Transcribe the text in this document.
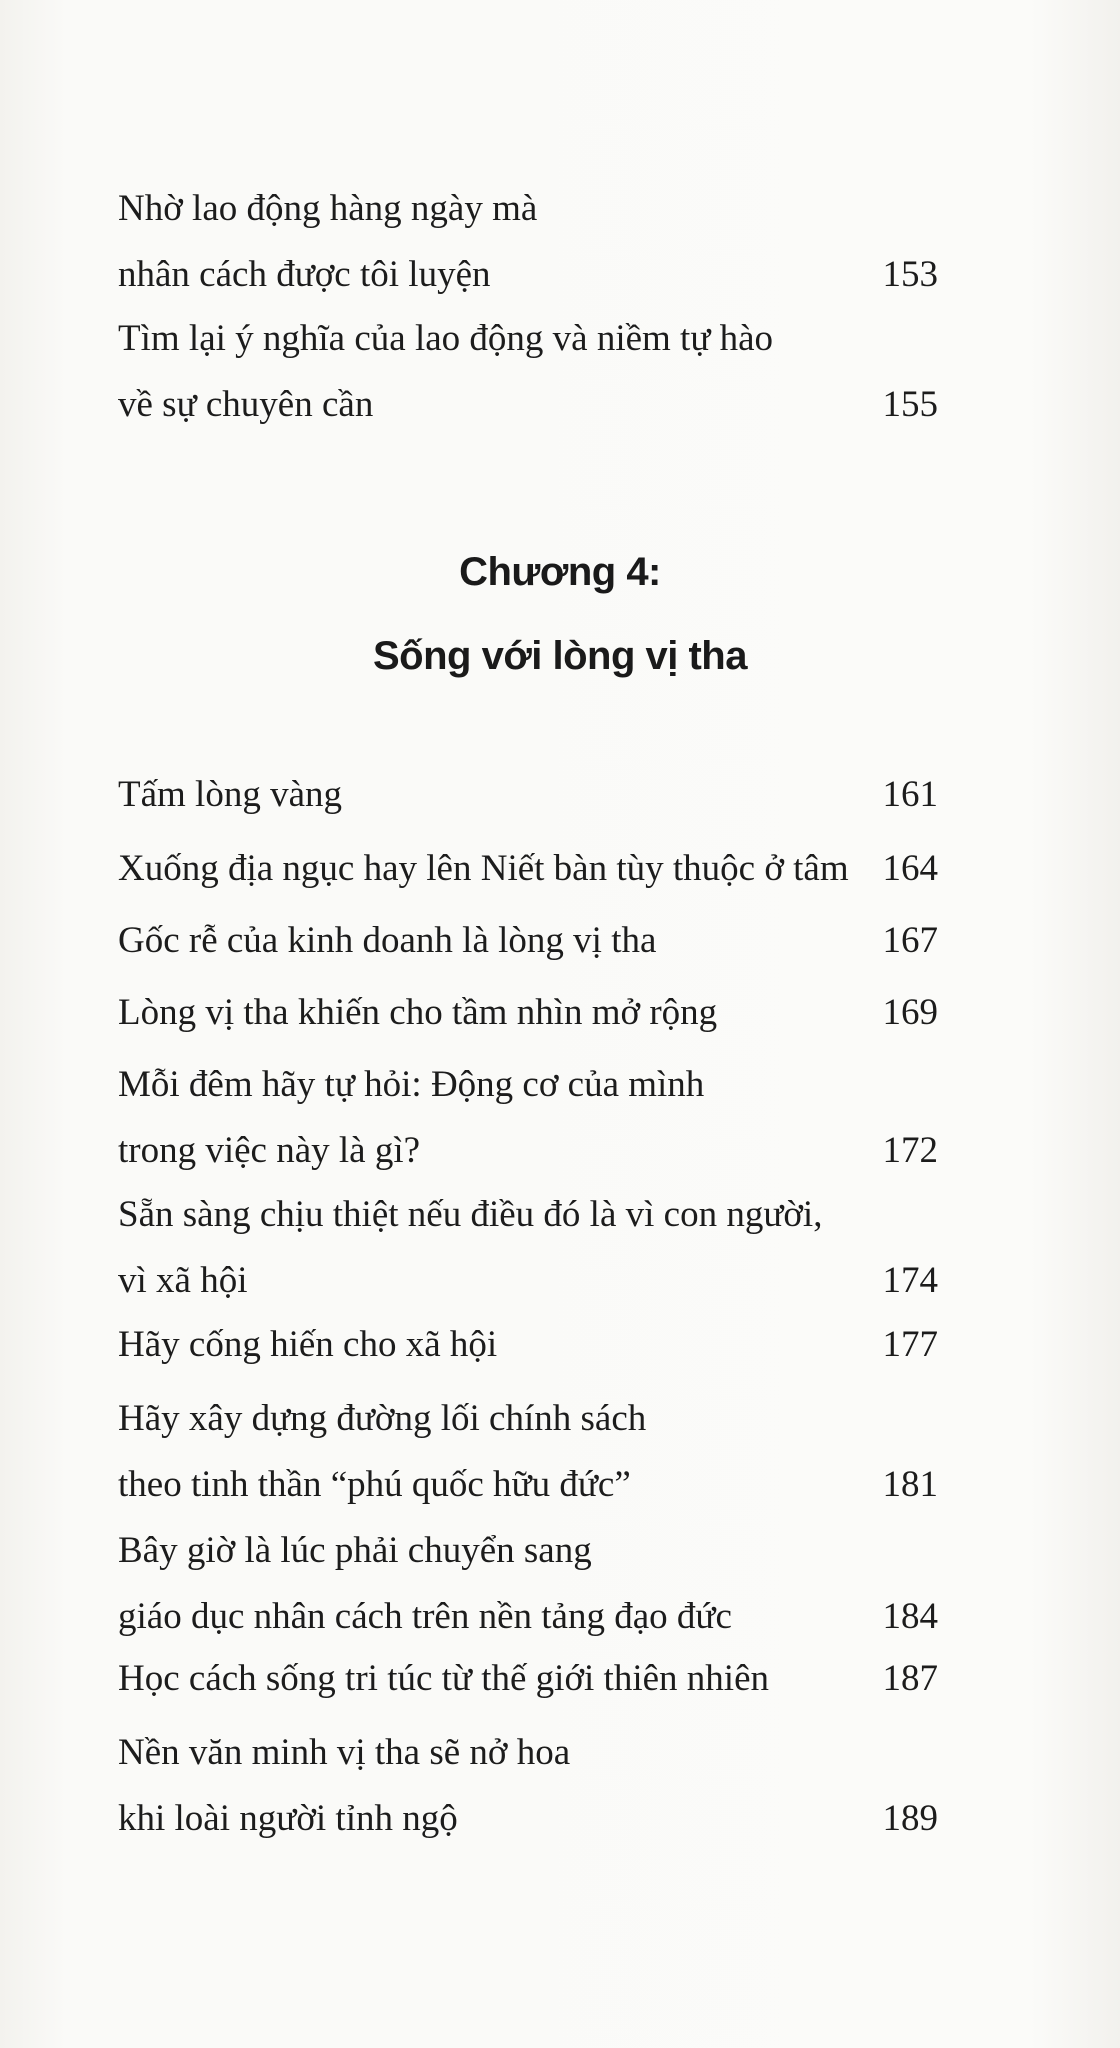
Nhờ lao động hàng ngày mà
nhân cách được tôi luyện	153
Tìm lại ý nghĩa của lao động và niềm tự hào
về sự chuyên cần	155
Chương 4:
Sống với lòng vị tha
Tấm lòng vàng	161
Xuống địa ngục hay lên Niết bàn tùy thuộc ở tâm 164
Gốc rễ của kinh doanh là lòng vị tha	167
Lòng vị tha khiến cho tầm nhìn mở rộng	169
Mỗi đêm hãy tự hỏi: Động cơ của mình
trong việc này là gì?	172
Sẵn sàng chịu thiệt nếu điều đó là vì con người,
vì xã hội	174
Hãy cống hiến cho xã hội	177
Hãy xây dựng đường lối chính sách
theo tinh thần “phú quốc hữu đức”	181
Bây giờ là lúc phải chuyển sang
giáo dục nhân cách trên nền tảng đạo đức	184
Học cách sống tri túc từ thế giới thiên nhiên	187
Nền văn minh vị tha sẽ nở hoa
khi loài người tỉnh ngộ	189
